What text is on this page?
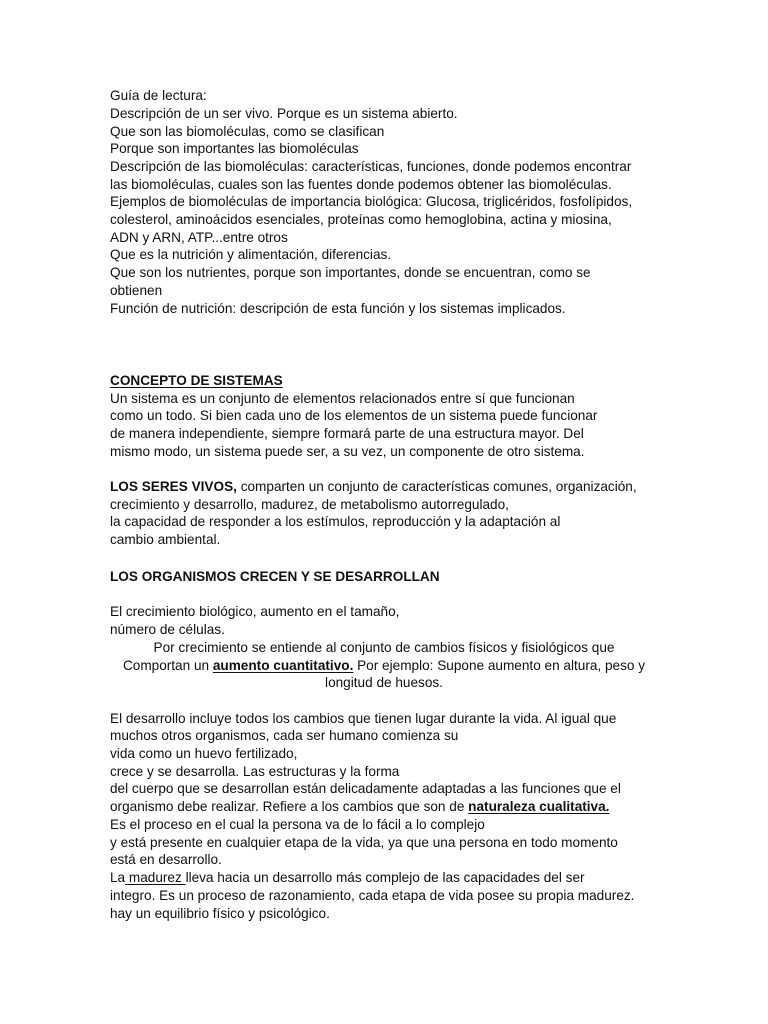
Guía de lectura:
Descripción de un ser vivo. Porque es un sistema abierto.
Que son las biomoléculas, como se clasifican
Porque son importantes las biomoléculas
Descripción de las biomoléculas: características, funciones, donde podemos encontrar
las biomoléculas, cuales son las fuentes donde podemos obtener las biomoléculas.
Ejemplos de biomoléculas de importancia biológica: Glucosa, triglicéridos, fosfolípidos,
colesterol, aminoácidos esenciales, proteínas como hemoglobina, actina y miosina,
ADN y ARN, ATP...entre otros
Que es la nutrición y alimentación, diferencias.
Que son los nutrientes, porque son importantes, donde se encuentran, como se
obtienen
Función de nutrición: descripción de esta función y los sistemas implicados.
CONCEPTO DE SISTEMAS
Un sistema es un conjunto de elementos relacionados entre sí que funcionan
como un todo. Si bien cada uno de los elementos de un sistema puede funcionar
de manera independiente, siempre formará parte de una estructura mayor. Del
mismo modo, un sistema puede ser, a su vez, un componente de otro sistema.
LOS SERES VIVOS, comparten un conjunto de características comunes, organización,
crecimiento y desarrollo, madurez, de metabolismo autorregulado,
la capacidad de responder a los estímulos, reproducción y la adaptación al
cambio ambiental.
LOS ORGANISMOS CRECEN Y SE DESARROLLAN
El crecimiento biológico, aumento en el tamaño,
número de células.
Por crecimiento se entiende al conjunto de cambios físicos y fisiológicos que
Comportan un aumento cuantitativo. Por ejemplo: Supone aumento en altura, peso y
longitud de huesos.
El desarrollo incluye todos los cambios que tienen lugar durante la vida. Al igual que
muchos otros organismos, cada ser humano comienza su
vida como un huevo fertilizado,
crece y se desarrolla. Las estructuras y la forma
del cuerpo que se desarrollan están delicadamente adaptadas a las funciones que el
organismo debe realizar. Refiere a los cambios que son de naturaleza cualitativa.
Es el proceso en el cual la persona va de lo fácil a lo complejo
y está presente en cualquier etapa de la vida, ya que una persona en todo momento
está en desarrollo.
La madurez lleva hacia un desarrollo más complejo de las capacidades del ser
integro. Es un proceso de razonamiento, cada etapa de vida posee su propia madurez.
hay un equilibrio físico y psicológico.
